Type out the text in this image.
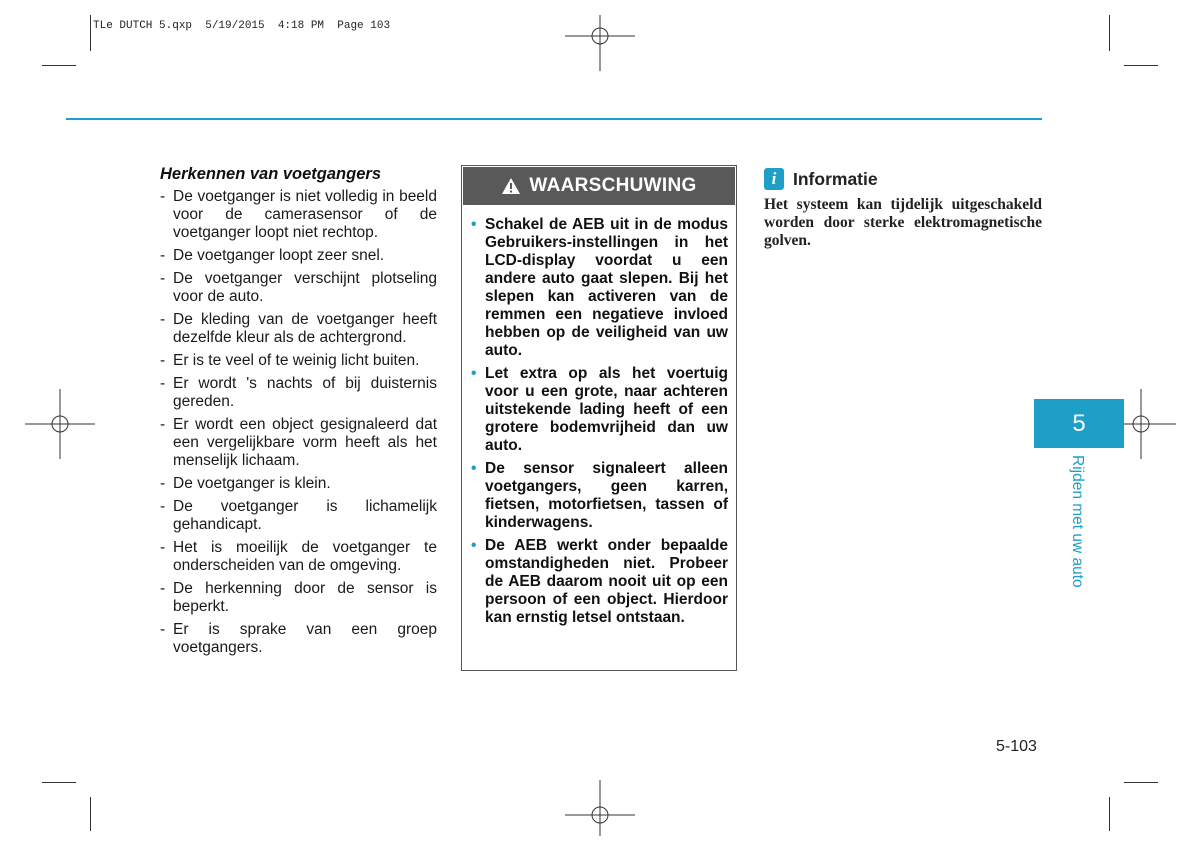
TLe DUTCH 5.qxp  5/19/2015  4:18 PM  Page 103
Herkennen van voetgangers
- De voetganger is niet volledig in beeld voor de camerasensor of de voetganger loopt niet rechtop.
- De voetganger loopt zeer snel.
- De voetganger verschijnt plotseling voor de auto.
- De kleding van de voetganger heeft dezelfde kleur als de achtergrond.
- Er is te veel of te weinig licht buiten.
- Er wordt 's nachts of bij duisternis gereden.
- Er wordt een object gesignaleerd dat een vergelijkbare vorm heeft als het menselijk lichaam.
- De voetganger is klein.
- De voetganger is lichamelijk gehandicapt.
- Het is moeilijk de voetganger te onderscheiden van de omgeving.
- De herkenning door de sensor is beperkt.
- Er is sprake van een groep voetgangers.
WAARSCHUWING
• Schakel de AEB uit in de modus Gebruikers-instellingen in het LCD-display voordat u een andere auto gaat slepen. Bij het slepen kan activeren van de remmen een negatieve invloed hebben op de veiligheid van uw auto.
• Let extra op als het voertuig voor u een grote, naar achteren uitstekende lading heeft of een grotere bodemvrijheid dan uw auto.
• De sensor signaleert alleen voetgangers, geen karren, fietsen, motorfietsen, tassen of kinderwagens.
• De AEB werkt onder bepaalde omstandigheden niet. Probeer de AEB daarom nooit uit op een persoon of een object. Hierdoor kan ernstig letsel ontstaan.
i Informatie
Het systeem kan tijdelijk uitgeschakeld worden door sterke elektromagnetische golven.
5
Rijden met uw auto
5-103
